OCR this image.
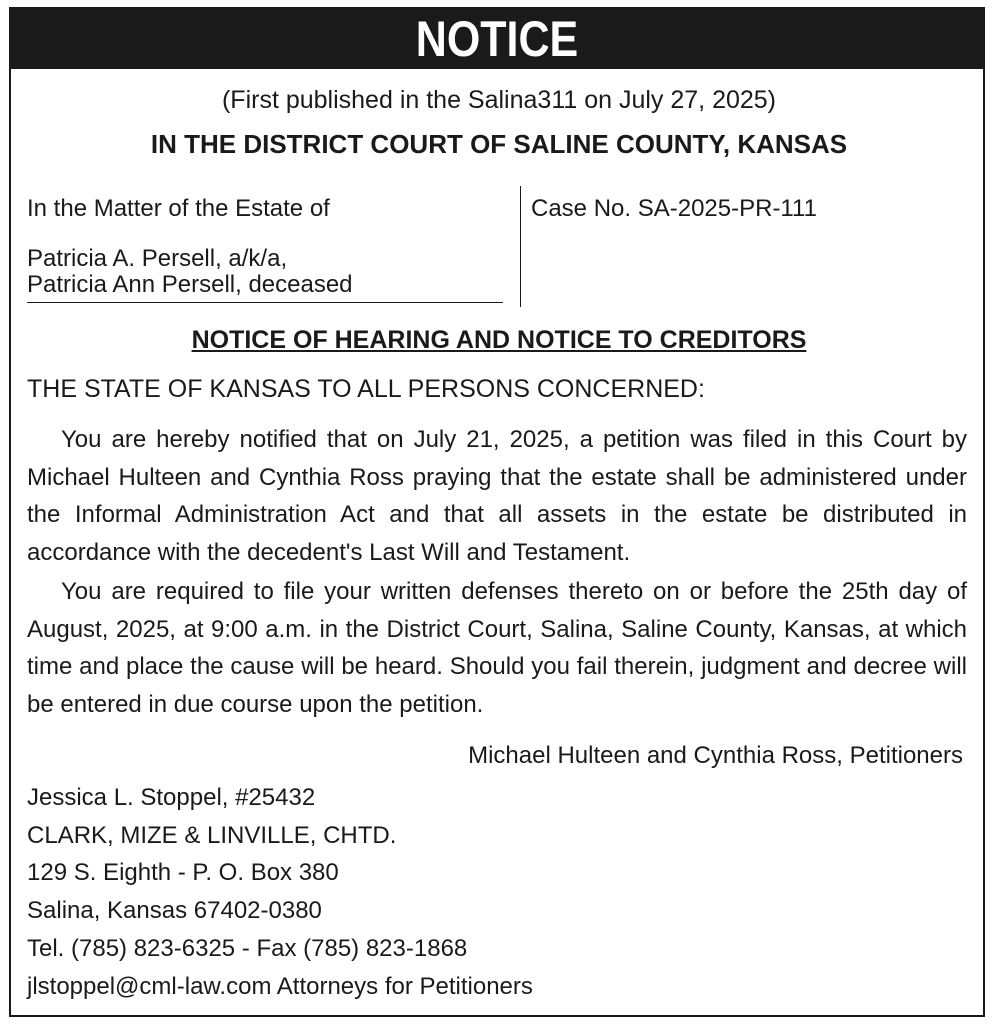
NOTICE
(First published in the Salina311 on July 27, 2025)
IN THE DISTRICT COURT OF SALINE COUNTY, KANSAS
In the Matter of the Estate of
Patricia A. Persell, a/k/a,
Patricia Ann Persell, deceased
Case No. SA-2025-PR-111
NOTICE OF HEARING AND NOTICE TO CREDITORS
THE STATE OF KANSAS TO ALL PERSONS CONCERNED:

You are hereby notified that on July 21, 2025, a petition was filed in this Court by Michael Hulteen and Cynthia Ross praying that the estate shall be administered under the Informal Administration Act and that all assets in the estate be distributed in accordance with the decedent's Last Will and Testament.

You are required to file your written defenses thereto on or before the 25th day of August, 2025, at 9:00 a.m. in the District Court, Salina, Saline County, Kansas, at which time and place the cause will be heard. Should you fail therein, judgment and decree will be entered in due course upon the petition.

Michael Hulteen and Cynthia Ross, Petitioners
Jessica L. Stoppel, #25432
CLARK, MIZE & LINVILLE, CHTD.
129 S. Eighth - P. O. Box 380
Salina, Kansas 67402-0380
Tel. (785) 823-6325 - Fax (785) 823-1868
jlstoppel@cml-law.com Attorneys for Petitioners
